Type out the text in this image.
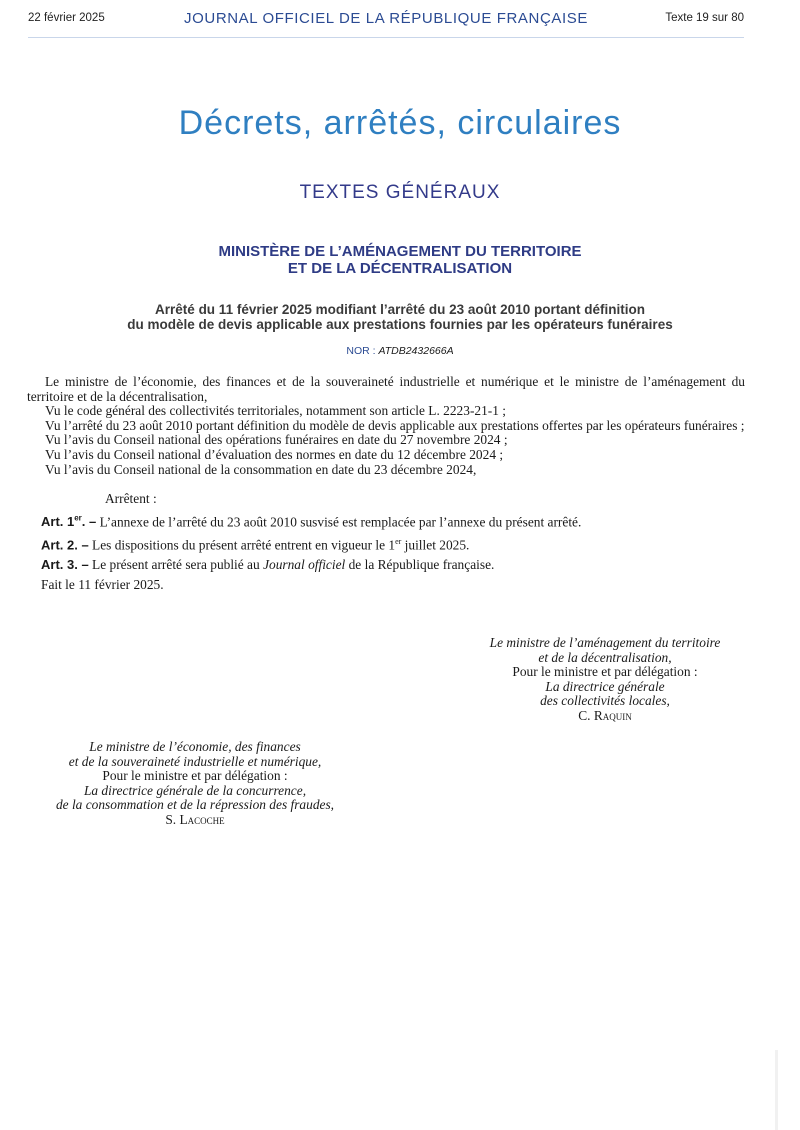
22 février 2025	JOURNAL OFFICIEL DE LA RÉPUBLIQUE FRANÇAISE	Texte 19 sur 80
Décrets, arrêtés, circulaires
TEXTES GÉNÉRAUX
MINISTÈRE DE L’AMÉNAGEMENT DU TERRITOIRE
ET DE LA DÉCENTRALISATION
Arrêté du 11 février 2025 modifiant l’arrêté du 23 août 2010 portant définition
du modèle de devis applicable aux prestations fournies par les opérateurs funéraires
NOR : ATDB2432666A

Le ministre de l’économie, des finances et de la souveraineté industrielle et numérique et le ministre de l’aménagement du territoire et de la décentralisation,

Vu le code général des collectivités territoriales, notamment son article L. 2223-21-1 ;

Vu l’arrêté du 23 août 2010 portant définition du modèle de devis applicable aux prestations offertes par les opérateurs funéraires ;

Vu l’avis du Conseil national des opérations funéraires en date du 27 novembre 2024 ;

Vu l’avis du Conseil national d’évaluation des normes en date du 12 décembre 2024 ;

Vu l’avis du Conseil national de la consommation en date du 23 décembre 2024,

Arrêtent :

Art. 1er. – L’annexe de l’arrêté du 23 août 2010 susvisé est remplacée par l’annexe du présent arrêté.

Art. 2. – Les dispositions du présent arrêté entrent en vigueur le 1er juillet 2025.

Art. 3. – Le présent arrêté sera publié au Journal officiel de la République française.

Fait le 11 février 2025.

Le ministre de l’aménagement du territoire
et de la décentralisation,
Pour le ministre et par délégation :
La directrice générale
des collectivités locales,
C. Raquin
Le ministre de l’économie, des finances
et de la souveraineté industrielle et numérique,
Pour le ministre et par délégation :
La directrice générale de la concurrence,
de la consommation et de la répression des fraudes,
S. Lacoche
